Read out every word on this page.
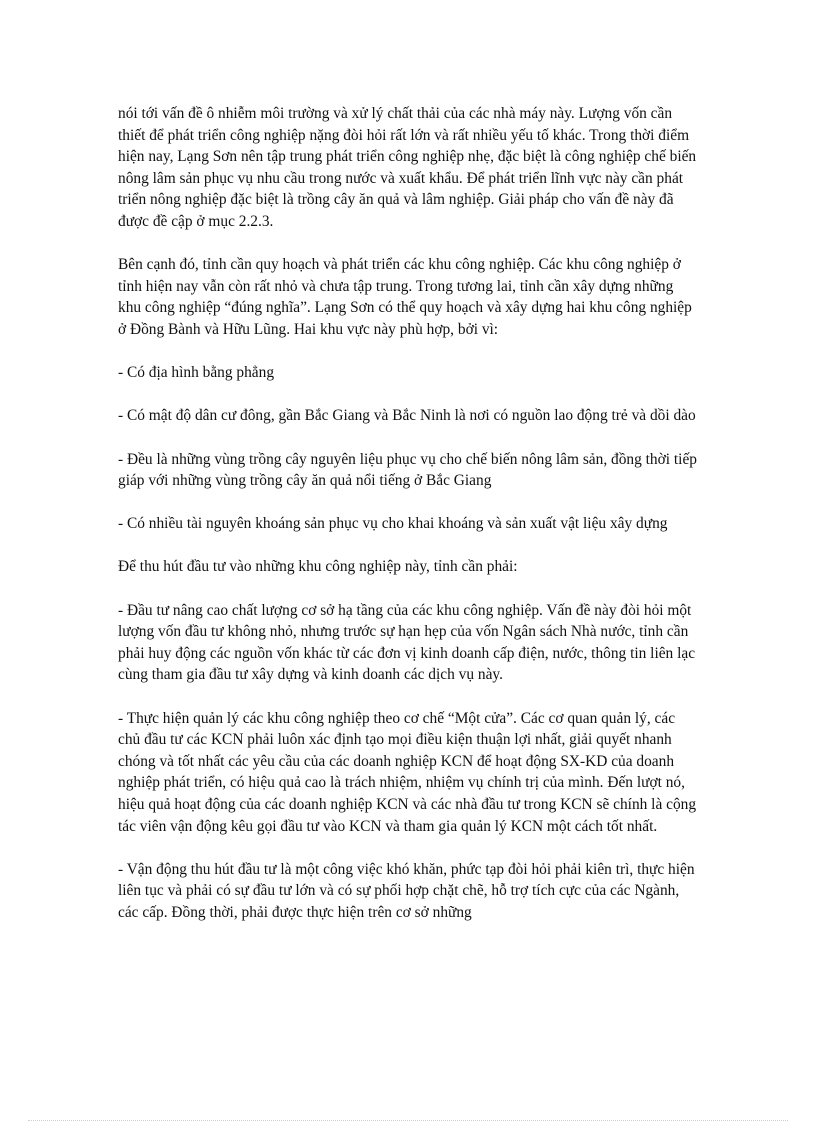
nói tới vấn đề ô nhiễm môi trường và xử lý chất thải của các nhà máy này. Lượng vốn cần thiết để phát triển công nghiệp nặng đòi hỏi rất lớn và rất nhiều yếu tố khác. Trong thời điểm hiện nay, Lạng Sơn nên tập trung phát triển công nghiệp nhẹ, đặc biệt là công nghiệp chế biến nông lâm sản phục vụ nhu cầu trong nước và xuất khẩu. Để phát triển lĩnh vực này cần phát triển nông nghiệp đặc biệt là trồng cây ăn quả và lâm nghiệp. Giải pháp cho vấn đề này đã được đề cập ở mục 2.2.3.

Bên cạnh đó, tỉnh cần quy hoạch và phát triển các khu công nghiệp. Các khu công nghiệp ở tỉnh hiện nay vẫn còn rất nhỏ và chưa tập trung. Trong tương lai, tỉnh cần xây dựng những khu công nghiệp “đúng nghĩa”. Lạng Sơn có thể quy hoạch và xây dựng hai khu công nghiệp ở Đồng Bành và Hữu Lũng. Hai khu vực này phù hợp, bởi vì:

- Có địa hình bằng phẳng

- Có mật độ dân cư đông, gần Bắc Giang và Bắc Ninh là nơi có nguồn lao động trẻ và dồi dào

- Đều là những vùng trồng cây nguyên liệu phục vụ cho chế biến nông lâm sản, đồng thời tiếp giáp với những vùng trồng cây ăn quả nổi tiếng ở Bắc Giang

- Có nhiều tài nguyên khoáng sản phục vụ cho khai khoáng và sản xuất vật liệu xây dựng

Để thu hút đầu tư vào những khu công nghiệp này, tỉnh cần phải:

- Đầu tư nâng cao chất lượng cơ sở hạ tầng của các khu công nghiệp. Vấn đề này đòi hỏi một lượng vốn đầu tư không nhỏ, nhưng trước sự hạn hẹp của vốn Ngân sách Nhà nước, tỉnh cần phải huy động các nguồn vốn khác từ các đơn vị kinh doanh cấp điện, nước, thông tin liên lạc cùng tham gia đầu tư xây dựng và kinh doanh các dịch vụ này.

- Thực hiện quản lý các khu công nghiệp theo cơ chế “Một cửa”. Các cơ quan quản lý, các chủ đầu tư các KCN phải luôn xác định tạo mọi điều kiện thuận lợi nhất, giải quyết nhanh chóng và tốt nhất các yêu cầu của các doanh nghiệp KCN để hoạt động SX-KD của doanh nghiệp phát triển, có hiệu quả cao là trách nhiệm, nhiệm vụ chính trị của mình. Đến lượt nó, hiệu quả hoạt động của các doanh nghiệp KCN và các nhà đầu tư trong KCN sẽ chính là cộng tác viên vận động kêu gọi đầu tư vào KCN và tham gia quản lý KCN một cách tốt nhất.

- Vận động thu hút đầu tư là một công việc khó khăn, phức tạp đòi hỏi phải kiên trì, thực hiện liên tục và phải có sự đầu tư lớn và có sự phối hợp chặt chẽ, hỗ trợ tích cực của các Ngành, các cấp. Đồng thời, phải được thực hiện trên cơ sở những
